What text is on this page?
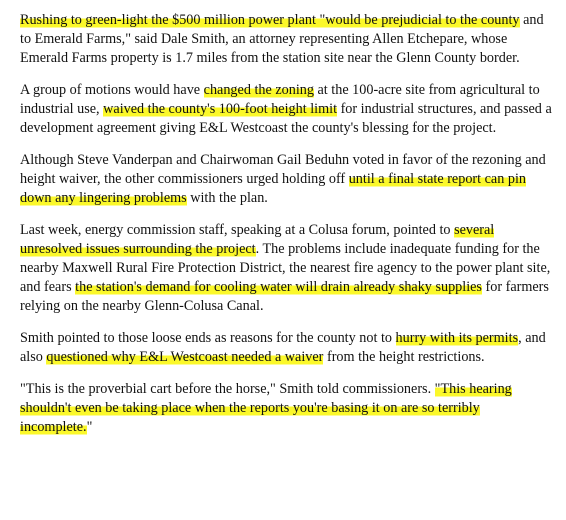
Rushing to green-light the $500 million power plant "would be prejudicial to the county and to Emerald Farms," said Dale Smith, an attorney representing Allen Etchepare, whose Emerald Farms property is 1.7 miles from the station site near the Glenn County border.

A group of motions would have changed the zoning at the 100-acre site from agricultural to industrial use, waived the county's 100-foot height limit for industrial structures, and passed a development agreement giving E&L Westcoast the county's blessing for the project.

Although Steve Vanderpan and Chairwoman Gail Beduhn voted in favor of the rezoning and height waiver, the other commissioners urged holding off until a final state report can pin down any lingering problems with the plan.

Last week, energy commission staff, speaking at a Colusa forum, pointed to several unresolved issues surrounding the project. The problems include inadequate funding for the nearby Maxwell Rural Fire Protection District, the nearest fire agency to the power plant site, and fears the station's demand for cooling water will drain already shaky supplies for farmers relying on the nearby Glenn-Colusa Canal.

Smith pointed to those loose ends as reasons for the county not to hurry with its permits, and also questioned why E&L Westcoast needed a waiver from the height restrictions.

"This is the proverbial cart before the horse," Smith told commissioners. "This hearing shouldn't even be taking place when the reports you're basing it on are so terribly incomplete."
